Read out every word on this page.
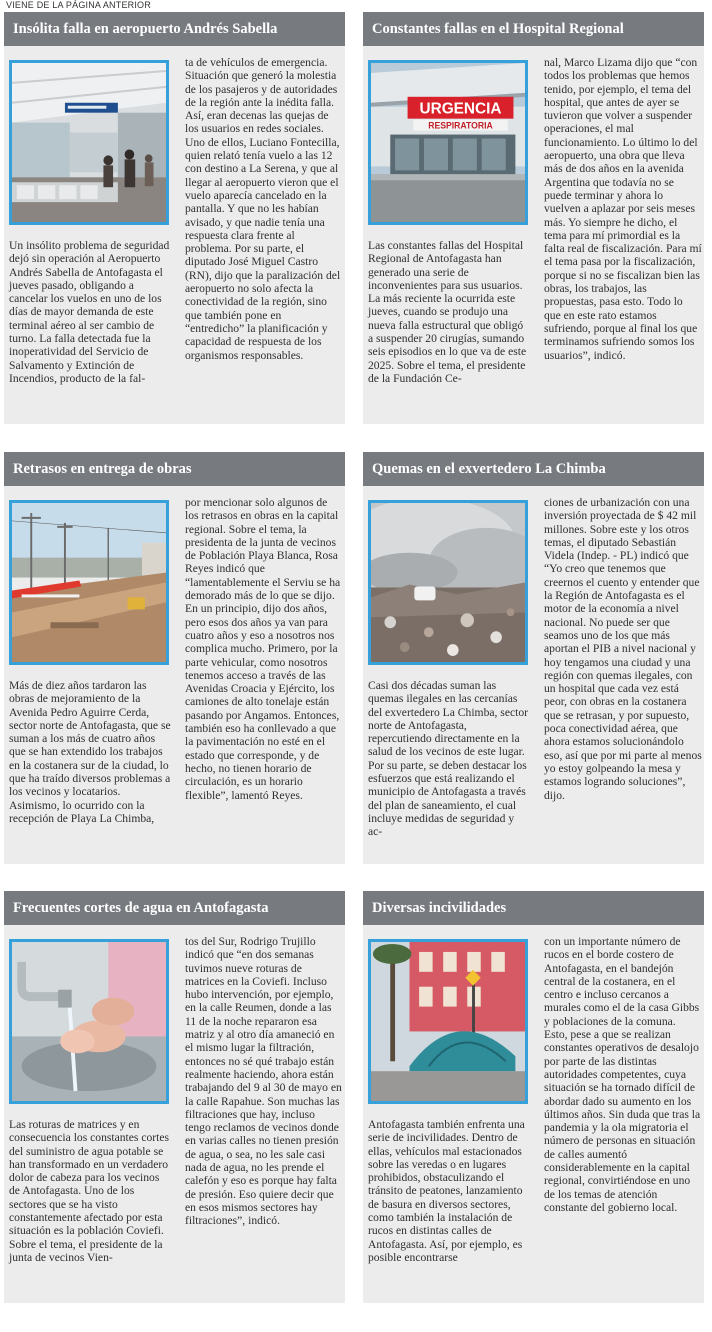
VIENE DE LA PÁGINA ANTERIOR
Insólita falla en aeropuerto Andrés Sabella

Un insólito problema de seguridad dejó sin operación al Aeropuerto Andrés Sabella de Antofagasta el jueves pasado, obligando a cancelar los vuelos en uno de los días de mayor demanda de este terminal aéreo al ser cambio de turno. La falla detectada fue la inoperatividad del Servicio de Salvamento y Extinción de Incendios, producto de la fal-

ta de vehículos de emergencia. Situación que generó la molestia de los pasajeros y de autoridades de la región ante la inédita falla. Así, eran decenas las quejas de los usuarios en redes sociales. Uno de ellos, Luciano Fontecilla, quien relató tenía vuelo a las 12 con destino a La Serena, y que al llegar al aeropuerto vieron que el vuelo aparecía cancelado en la pantalla. Y que no les habían avisado, y que nadie tenía una respuesta clara frente al problema. Por su parte, el diputado José Miguel Castro (RN), dijo que la paralización del aeropuerto no solo afecta la conectividad de la región, sino que también pone en “entredicho” la planificación y capacidad de respuesta de los organismos responsables.

Constantes fallas en el Hospital Regional
URGENCIA
RESPIRATORIA

Las constantes fallas del Hospital Regional de Antofagasta han generado una serie de inconvenientes para sus usuarios. La más reciente la ocurrida este jueves, cuando se produjo una nueva falla estructural que obligó a suspender 20 cirugías, sumando seis episodios en lo que va de este 2025. Sobre el tema, el presidente de la Fundación Ce-

nal, Marco Lizama dijo que “con todos los problemas que hemos tenido, por ejemplo, el tema del hospital, que antes de ayer se tuvieron que volver a suspender operaciones, el mal funcionamiento. Lo último lo del aeropuerto, una obra que lleva más de dos años en la avenida Argentina que todavía no se puede terminar y ahora lo vuelven a aplazar por seis meses más. Yo siempre he dicho, el tema para mí primordial es la falta real de fiscalización. Para mí el tema pasa por la fiscalización, porque si no se fiscalizan bien las obras, los trabajos, las propuestas, pasa esto. Todo lo que en este rato estamos sufriendo, porque al final los que terminamos sufriendo somos los usuarios”, indicó.

Retrasos en entrega de obras

Más de diez años tardaron las obras de mejoramiento de la Avenida Pedro Aguirre Cerda, sector norte de Antofagasta, que se suman a los más de cuatro años que se han extendido los trabajos en la costanera sur de la ciudad, lo que ha traído diversos problemas a los vecinos y locatarios. Asimismo, lo ocurrido con la recepción de Playa La Chimba,

por mencionar solo algunos de los retrasos en obras en la capital regional. Sobre el tema, la presidenta de la junta de vecinos de Población Playa Blanca, Rosa Reyes indicó que “lamentablemente el Serviu se ha demorado más de lo que se dijo. En un principio, dijo dos años, pero esos dos años ya van para cuatro años y eso a nosotros nos complica mucho. Primero, por la parte vehicular, como nosotros tenemos acceso a través de las Avenidas Croacia y Ejército, los camiones de alto tonelaje están pasando por Angamos. Entonces, también eso ha conllevado a que la pavimentación no esté en el estado que corresponde, y de hecho, no tienen horario de circulación, es un horario flexible”, lamentó Reyes.

Quemas en el exvertedero La Chimba

Casi dos décadas suman las quemas ilegales en las cercanías del exvertedero La Chimba, sector norte de Antofagasta, repercutiendo directamente en la salud de los vecinos de este lugar. Por su parte, se deben destacar los esfuerzos que está realizando el municipio de Antofagasta a través del plan de saneamiento, el cual incluye medidas de seguridad y ac-

ciones de urbanización con una inversión proyectada de $ 42 mil millones. Sobre este y los otros temas, el diputado Sebastián Videla (Indep. - PL) indicó que “Yo creo que tenemos que creernos el cuento y entender que la Región de Antofagasta es el motor de la economía a nivel nacional. No puede ser que seamos uno de los que más aportan el PIB a nivel nacional y hoy tengamos una ciudad y una región con quemas ilegales, con un hospital que cada vez está peor, con obras en la costanera que se retrasan, y por supuesto, poca conectividad aérea, que ahora estamos solucionándolo eso, así que por mi parte al menos yo estoy golpeando la mesa y estamos logrando soluciones”, dijo.

Frecuentes cortes de agua en Antofagasta

Las roturas de matrices y en consecuencia los constantes cortes del suministro de agua potable se han transformado en un verdadero dolor de cabeza para los vecinos de Antofagasta. Uno de los sectores que se ha visto constantemente afectado por esta situación es la población Coviefi. Sobre el tema, el presidente de la junta de vecinos Vien-

tos del Sur, Rodrigo Trujillo indicó que “en dos semanas tuvimos nueve roturas de matrices en la Coviefi. Incluso hubo intervención, por ejemplo, en la calle Reumen, donde a las 11 de la noche repararon esa matriz y al otro día amaneció en el mismo lugar la filtración, entonces no sé qué trabajo están realmente haciendo, ahora están trabajando del 9 al 30 de mayo en la calle Rapahue. Son muchas las filtraciones que hay, incluso tengo reclamos de vecinos donde en varias calles no tienen presión de agua, o sea, no les sale casi nada de agua, no les prende el calefón y eso es porque hay falta de presión. Eso quiere decir que en esos mismos sectores hay filtraciones”, indicó.

Diversas incivilidades

Antofagasta también enfrenta una serie de incivilidades. Dentro de ellas, vehículos mal estacionados sobre las veredas o en lugares prohibidos, obstaculizando el tránsito de peatones, lanzamiento de basura en diversos sectores, como también la instalación de rucos en distintas calles de Antofagasta. Así, por ejemplo, es posible encontrarse

con un importante número de rucos en el borde costero de Antofagasta, en el bandejón central de la costanera, en el centro e incluso cercanos a murales como el de la casa Gibbs y poblaciones de la comuna. Esto, pese a que se realizan constantes operativos de desalojo por parte de las distintas autoridades competentes, cuya situación se ha tornado difícil de abordar dado su aumento en los últimos años. Sin duda que tras la pandemia y la ola migratoria el número de personas en situación de calles aumentó considerablemente en la capital regional, convirtiéndose en uno de los temas de atención constante del gobierno local.
